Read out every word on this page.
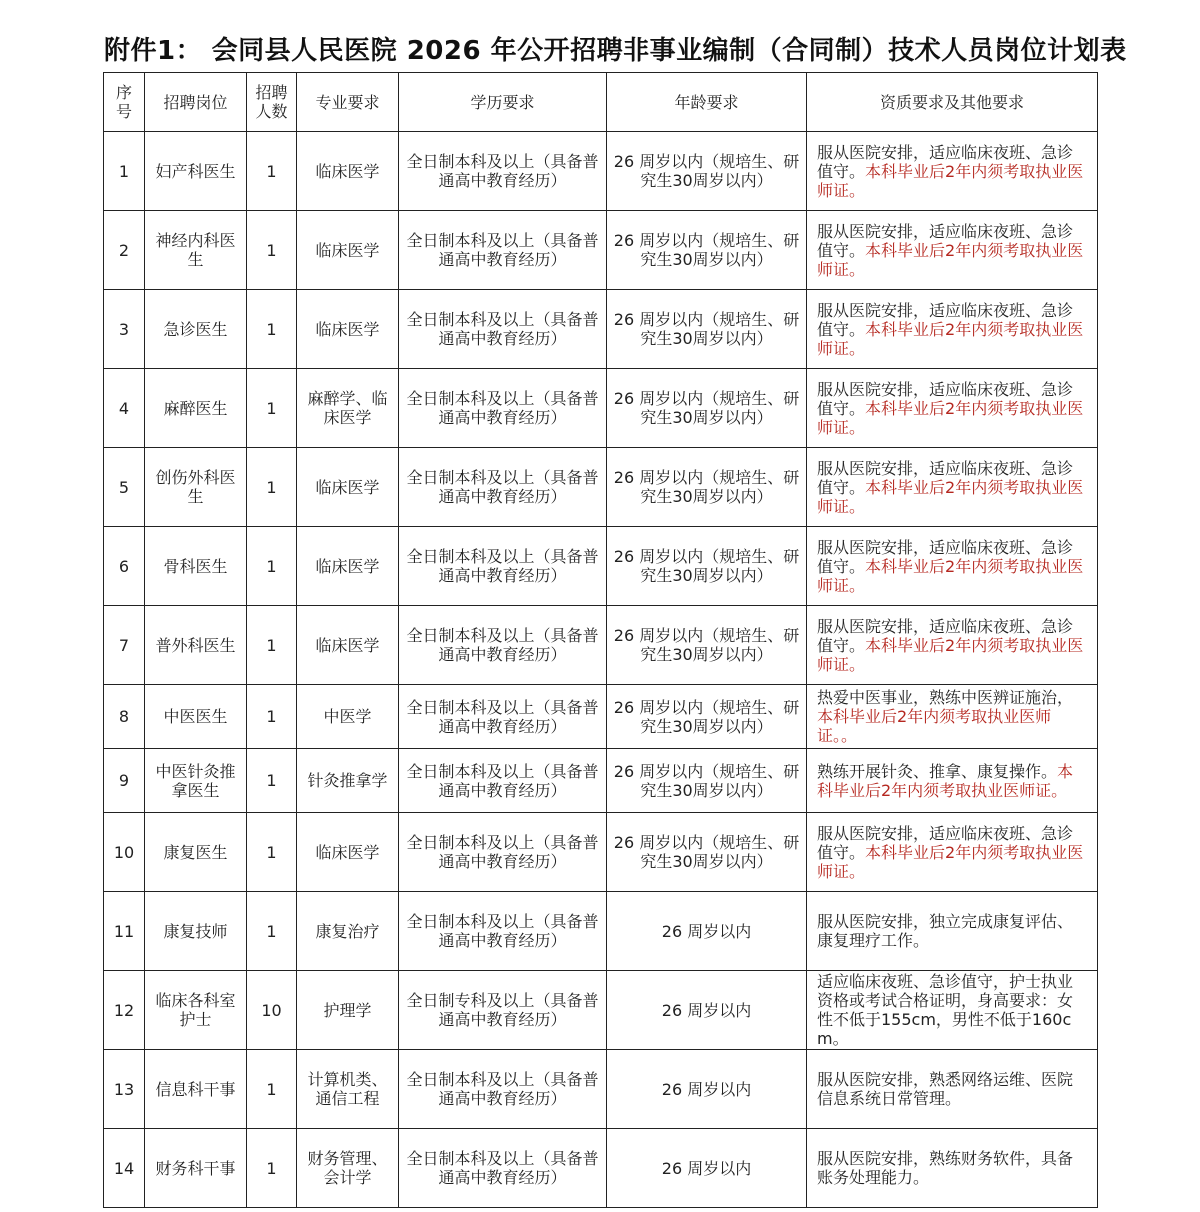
附件1： 会同县人民医院 2026 年公开招聘非事业编制（合同制）技术人员岗位计划表
序号	招聘岗位	招聘人数	专业要求	学历要求	年龄要求	资质要求及其他要求
1	妇产科医生	1	临床医学	全日制本科及以上（具备普通高中教育经历）	26 周岁以内（规培生、研究生30周岁以内）	服从医院安排，适应临床夜班、急诊值守。本科毕业后2年内须考取执业医师证。
2	神经内科医生	1	临床医学	全日制本科及以上（具备普通高中教育经历）	26 周岁以内（规培生、研究生30周岁以内）	服从医院安排，适应临床夜班、急诊值守。本科毕业后2年内须考取执业医师证。
3	急诊医生	1	临床医学	全日制本科及以上（具备普通高中教育经历）	26 周岁以内（规培生、研究生30周岁以内）	服从医院安排，适应临床夜班、急诊值守。本科毕业后2年内须考取执业医师证。
4	麻醉医生	1	麻醉学、临床医学	全日制本科及以上（具备普通高中教育经历）	26 周岁以内（规培生、研究生30周岁以内）	服从医院安排，适应临床夜班、急诊值守。本科毕业后2年内须考取执业医师证。
5	创伤外科医生	1	临床医学	全日制本科及以上（具备普通高中教育经历）	26 周岁以内（规培生、研究生30周岁以内）	服从医院安排，适应临床夜班、急诊值守。本科毕业后2年内须考取执业医师证。
6	骨科医生	1	临床医学	全日制本科及以上（具备普通高中教育经历）	26 周岁以内（规培生、研究生30周岁以内）	服从医院安排，适应临床夜班、急诊值守。本科毕业后2年内须考取执业医师证。
7	普外科医生	1	临床医学	全日制本科及以上（具备普通高中教育经历）	26 周岁以内（规培生、研究生30周岁以内）	服从医院安排，适应临床夜班、急诊值守。本科毕业后2年内须考取执业医师证。
8	中医医生	1	中医学	全日制本科及以上（具备普通高中教育经历）	26 周岁以内（规培生、研究生30周岁以内）	热爱中医事业，熟练中医辨证施治，本科毕业后2年内须考取执业医师证。。
9	中医针灸推拿医生	1	针灸推拿学	全日制本科及以上（具备普通高中教育经历）	26 周岁以内（规培生、研究生30周岁以内）	熟练开展针灸、推拿、康复操作。本科毕业后2年内须考取执业医师证。
10	康复医生	1	临床医学	全日制本科及以上（具备普通高中教育经历）	26 周岁以内（规培生、研究生30周岁以内）	服从医院安排，适应临床夜班、急诊值守。本科毕业后2年内须考取执业医师证。
11	康复技师	1	康复治疗	全日制本科及以上（具备普通高中教育经历）	26 周岁以内	服从医院安排，独立完成康复评估、康复理疗工作。
12	临床各科室护士	10	护理学	全日制专科及以上（具备普通高中教育经历）	26 周岁以内	适应临床夜班、急诊值守，护士执业资格或考试合格证明，身高要求：女性不低于155cm，男性不低于160cm。
13	信息科干事	1	计算机类、通信工程	全日制本科及以上（具备普通高中教育经历）	26 周岁以内	服从医院安排，熟悉网络运维、医院信息系统日常管理。
14	财务科干事	1	财务管理、会计学	全日制本科及以上（具备普通高中教育经历）	26 周岁以内	服从医院安排，熟练财务软件，具备账务处理能力。
